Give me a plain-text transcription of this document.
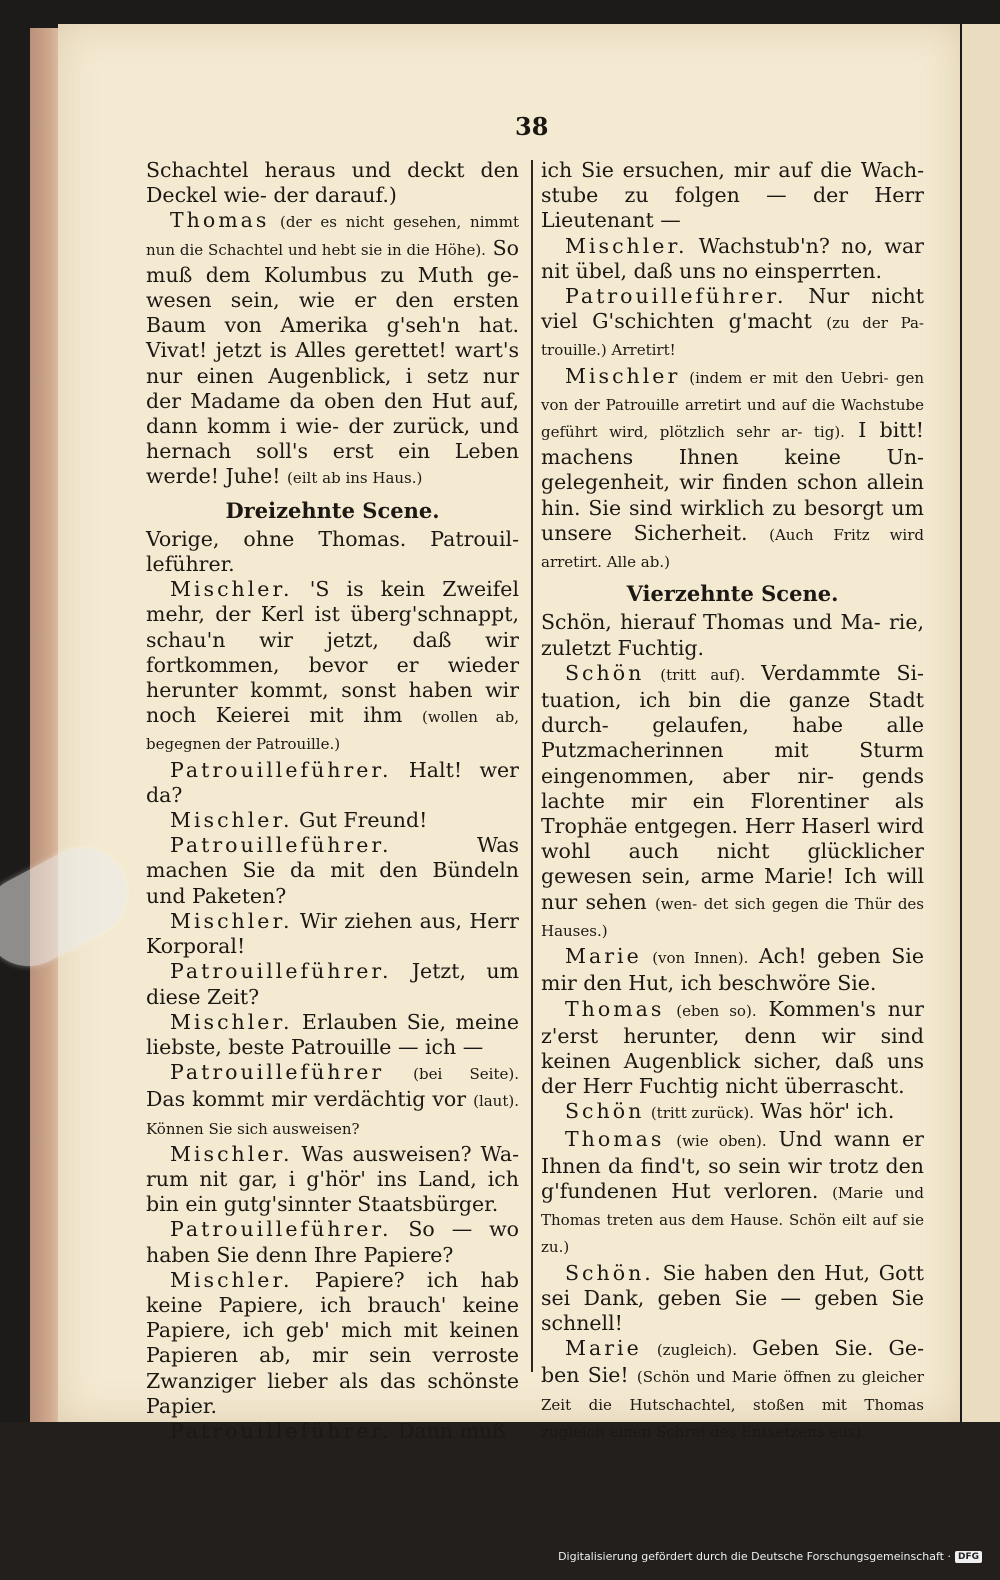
38

Schachtel heraus und deckt den Deckel wie- der darauf.)

Thomas (der es nicht gesehen, nimmt nun die Schachtel und hebt sie in die Höhe). So muß dem Kolumbus zu Muth ge- wesen sein, wie er den ersten Baum von Amerika g'seh'n hat. Vivat! jetzt is Alles gerettet! wart's nur einen Augenblick, i setz nur der Madame da oben den Hut auf, dann komm i wie- der zurück, und hernach soll's erst ein Leben werde! Juhe! (eilt ab ins Haus.)

Dreizehnte Scene.

Vorige, ohne Thomas. Patrouil- leführer.

Mischler. 'S is kein Zweifel mehr, der Kerl ist überg'schnappt, schau'n wir jetzt, daß wir fortkommen, bevor er wieder herunter kommt, sonst haben wir noch Keierei mit ihm (wollen ab, begegnen der Patrouille.)

Patrouilleführer. Halt! wer da?

Mischler. Gut Freund!

Patrouilleführer.	Was machen Sie da mit den Bündeln und Paketen?

Mischler. Wir ziehen aus, Herr Korporal!

Patrouilleführer. Jetzt, um diese Zeit?

Mischler. Erlauben Sie, meine liebste, beste Patrouille — ich —

Patrouilleführer (bei Seite). Das kommt mir verdächtig vor (laut). Können Sie sich ausweisen?

Mischler. Was ausweisen? Wa- rum nit gar, i g'hör' ins Land, ich bin ein gutg'sinnter Staatsbürger.

Patrouilleführer. So — wo haben Sie denn Ihre Papiere?

Mischler. Papiere? ich hab keine Papiere, ich brauch' keine Papiere, ich geb' mich mit keinen Papieren ab, mir sein verroste Zwanziger lieber als das schönste Papier.

Patrouilleführer. Dann muß

ich Sie ersuchen, mir auf die Wach- stube zu folgen — der Herr Lieutenant —

Mischler. Wachstub'n? no, war nit übel, daß uns no einsperrten.

Patrouilleführer. Nur nicht viel G'schichten g'macht (zu der Pa- trouille.) Arretirt!

Mischler (indem er mit den Uebri- gen von der Patrouille arretirt und auf die Wachstube geführt wird, plötzlich sehr ar- tig). I bitt! machens Ihnen keine Un- gelegenheit, wir finden schon allein hin. Sie sind wirklich zu besorgt um unsere Sicherheit. (Auch Fritz wird arretirt. Alle ab.)

Vierzehnte Scene.

Schön, hierauf Thomas und Ma- rie, zuletzt Fuchtig.

Schön (tritt auf). Verdammte Si- tuation, ich bin die ganze Stadt durch- gelaufen, habe alle Putzmacherinnen mit Sturm eingenommen, aber nir- gends lachte mir ein Florentiner als Trophäe entgegen. Herr Haserl wird wohl auch nicht glücklicher gewesen sein, arme Marie! Ich will nur sehen (wen- det sich gegen die Thür des Hauses.)

Marie (von Innen). Ach! geben Sie mir den Hut, ich beschwöre Sie.

Thomas (eben so). Kommen's nur z'erst herunter, denn wir sind keinen Augenblick sicher, daß uns der Herr Fuchtig nicht überrascht.

Schön (tritt zurück). Was hör' ich.

Thomas (wie oben). Und wann er Ihnen da find't, so sein wir trotz den g'fundenen Hut verloren. (Marie und Thomas treten aus dem Hause. Schön eilt auf sie zu.)

Schön. Sie haben den Hut, Gott sei Dank, geben Sie — geben Sie schnell!

Marie (zugleich). Geben Sie. Ge- ben Sie! (Schön und Marie öffnen zu gleicher Zeit die Hutschachtel, stoßen mit Thomas zugleich einen Schrei des Entsetzens aus).

Digitalisierung gefördert durch die Deutsche Forschungsgemeinschaft · DFG
